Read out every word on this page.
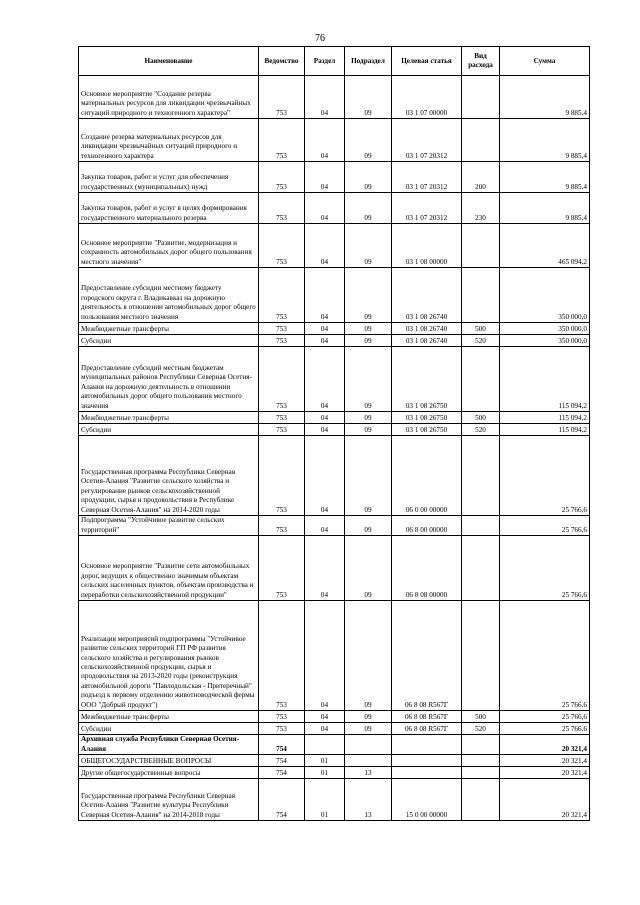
76
Наименование	Ведомство	Раздел	Подраздел	Целевая статья	Вид расхода	Сумма
Основное мероприятие "Создание резерва материальных ресурсов для ликвидации чрезвычайных ситуаций природного и техногенного характера"	753	04	09	03 1 07 00000		9 885,4
Создание резерва материальных ресурсов для ликвидации чрезвычайных ситуаций природного и техногенного характера	753	04	09	03 1 07 20312		9 885,4
Закупка товаров, работ и услуг для обеспечения государственных (муниципальных) нужд	753	04	09	03 1 07 20312	200	9 885,4
Закупка товаров, работ и услуг в целях формирования государственного материального резерва	753	04	09	03 1 07 20312	230	9 885,4
Основное мероприятие "Развитие, модернизация и сохранность автомобильных дорог общего пользования местного значения"	753	04	09	03 1 08 00000		465 094,2
Предоставление субсидии местному бюджету городского округа г. Владикавказ на дорожную деятельность в отношении автомобильных дорог общего пользования местного значения	753	04	09	03 1 08 26740		350 000,0
Межбюджетные трансферты	753	04	09	03 1 08 26740	500	350 000,0
Субсидии	753	04	09	03 1 08 26740	520	350 000,0
Предоставление субсидий местным бюджетам муниципальных районов Республики Северная Осетия-Алания на дорожную деятельность в отношении автомобильных дорог общего пользования местного значения	753	04	09	03 1 08 26750		115 094,2
Межбюджетные трансферты	753	04	09	03 1 08 26750	500	115 094,2
Субсидии	753	04	09	03 1 08 26750	520	115 094,2
Государственная программа Республики Северная Осетия-Алания "Развитие сельского хозяйства и регулирование рынков сельскохозяйственной продукции, сырья и продовольствия в Республике Северная Осетия-Алания" на 2014-2020 годы	753	04	09	06 0 00 00000		25 766,6
Подпрограмма "Устойчивое развитие сельских территорий"	753	04	09	06 8 00 00000		25 766,6
Основное мероприятие "Развитие сети автомобильных дорог, ведущих к общественно значимым объектам сельских населенных пунктов, объектам производства и переработки сельскохозяйственной продукции"	753	04	09	06 8 08 00000		25 766,6
Реализация мероприятий подпрограммы "Устойчивое развитие сельских территорий ГП РФ развития сельского хозяйства и регулирования рынков сельскохозяйственной продукции, сырья и продовольствия на 2013-2020 годы (реконструкция автомобильной дороги "Павлодольская - Притеречный" подъезд к первому отделению животноводческой фермы ООО "Добрый продукт")	753	04	09	06 8 08 R567Г		25 766,6
Межбюджетные трансферты	753	04	09	06 8 08 R567Г	500	25 766,6
Субсидии	753	04	09	06 8 08 R567Г	520	25 766,6
Архивная служба Республики Северная Осетия-Алания	754					20 321,4
ОБЩЕГОСУДАРСТВЕННЫЕ ВОПРОСЫ	754	01				20 321,4
Другие общегосударственные вопросы	754	01	13			20 321,4
Государственная программа Республики Северная Осетия-Алания "Развитие культуры Республики Северная Осетия-Алания" на 2014-2018 годы	754	01	13	15 0 00 00000		20 321,4
